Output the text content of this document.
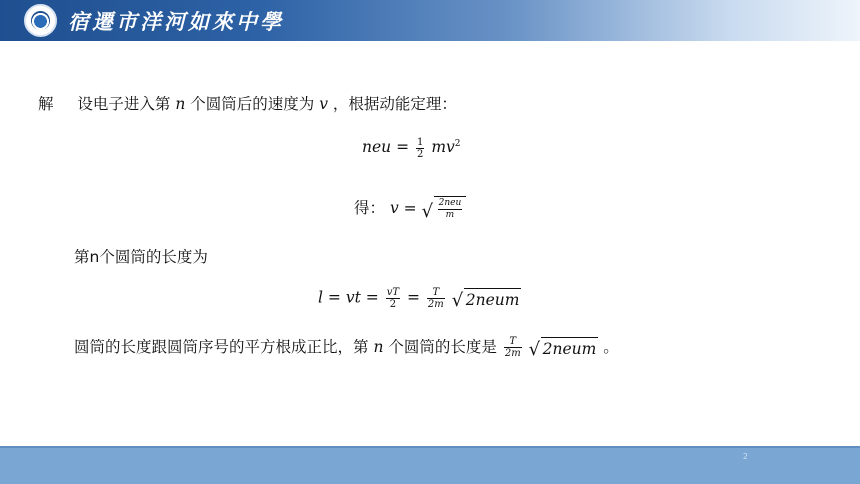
宿遷市洋河如來中學
解 设电子进入第 n 个圆筒后的速度为 v ，根据动能定理：
neu = $\frac{1}{2} mv^2$
得： v = √ $\frac{\text{2neu}}{m}$
第n个圆筒的长度为
l = vt = $\frac{vT}{2} = \frac{T}{2m}$
√ 2neum
圆筒的长度跟圆筒序号的平方根成正比，第 n 个圆筒的长度是 $\frac{T}{2m}$
√ 2neum 。
2
